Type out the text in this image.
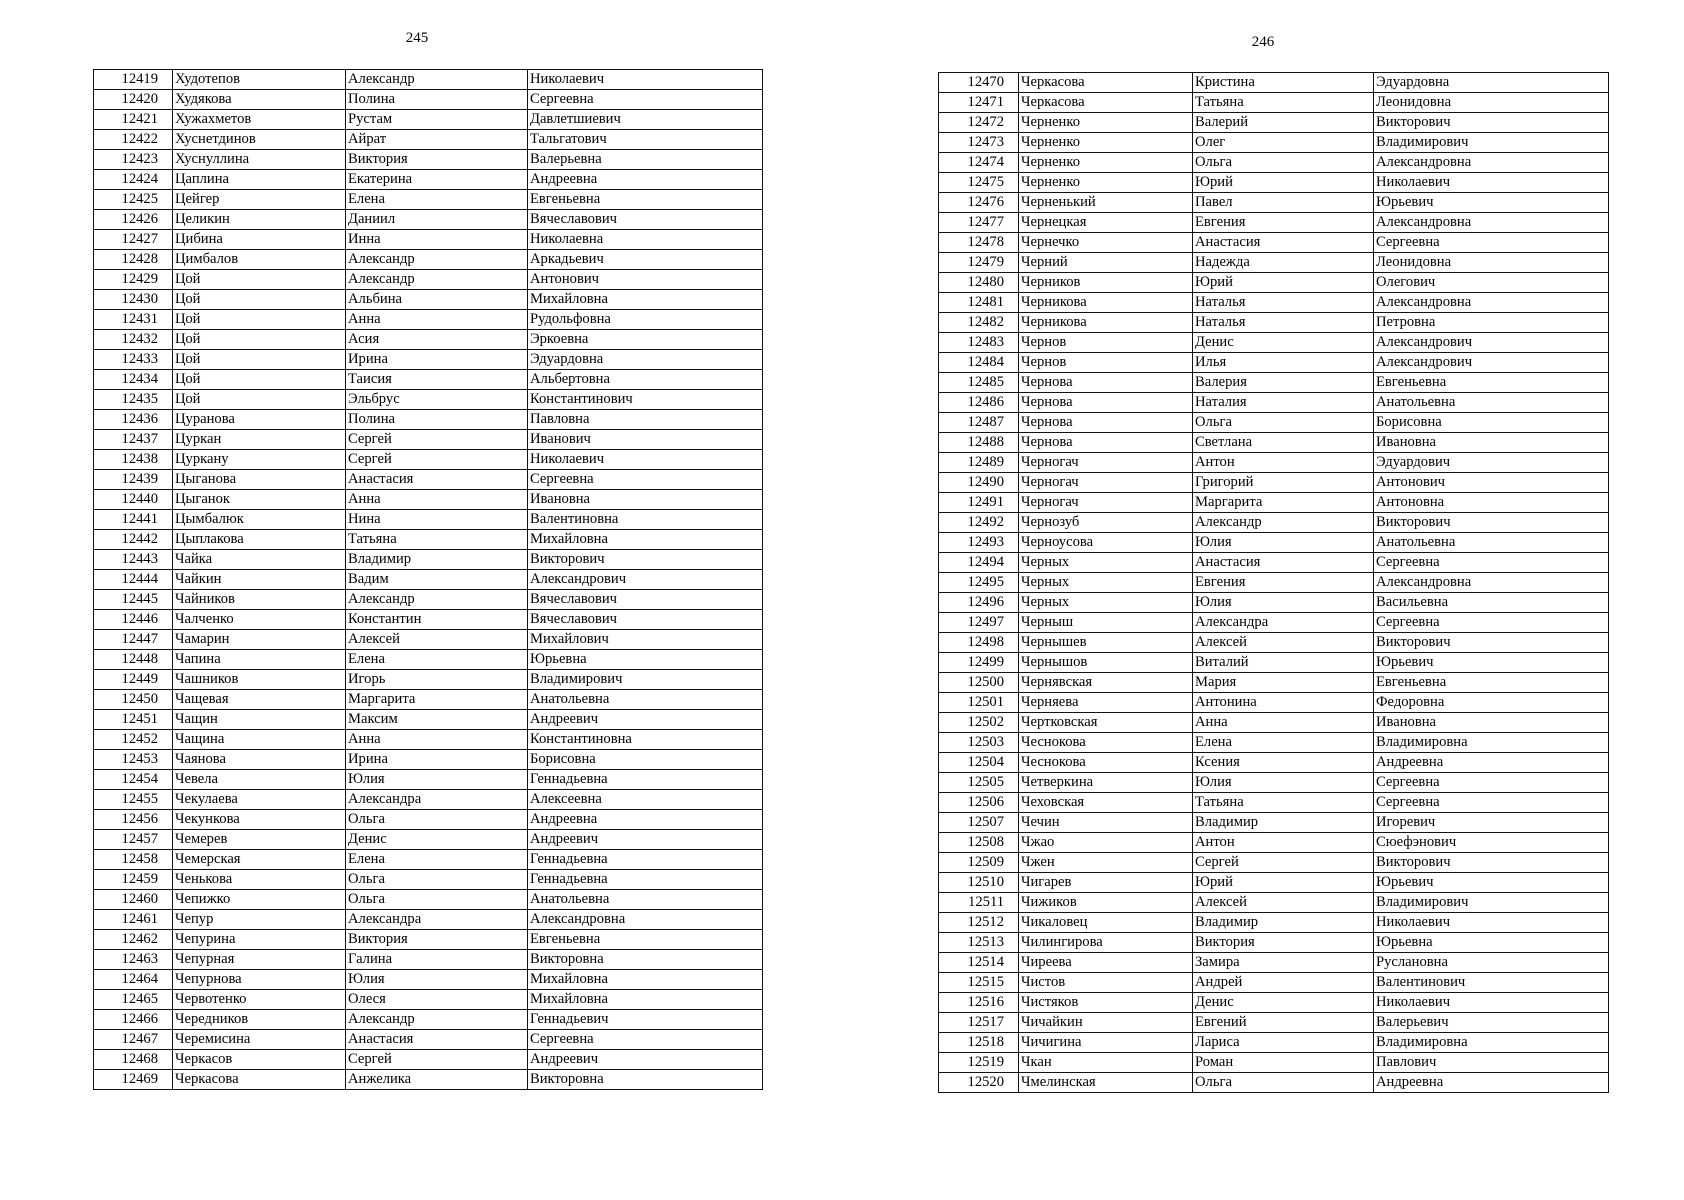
245
12419	Худотепов	Александр	Николаевич
12420	Худякова	Полина	Сергеевна
12421	Хужахметов	Рустам	Давлетшиевич
12422	Хуснетдинов	Айрат	Тальгатович
12423	Хуснуллина	Виктория	Валерьевна
12424	Цаплина	Екатерина	Андреевна
12425	Цейгер	Елена	Евгеньевна
12426	Целикин	Даниил	Вячеславович
12427	Цибина	Инна	Николаевна
12428	Цимбалов	Александр	Аркадьевич
12429	Цой	Александр	Антонович
12430	Цой	Альбина	Михайловна
12431	Цой	Анна	Рудольфовна
12432	Цой	Асия	Эркоевна
12433	Цой	Ирина	Эдуардовна
12434	Цой	Таисия	Альбертовна
12435	Цой	Эльбрус	Константинович
12436	Цуранова	Полина	Павловна
12437	Цуркан	Сергей	Иванович
12438	Цуркану	Сергей	Николаевич
12439	Цыганова	Анастасия	Сергеевна
12440	Цыганок	Анна	Ивановна
12441	Цымбалюк	Нина	Валентиновна
12442	Цыплакова	Татьяна	Михайловна
12443	Чайка	Владимир	Викторович
12444	Чайкин	Вадим	Александрович
12445	Чайников	Александр	Вячеславович
12446	Чалченко	Константин	Вячеславович
12447	Чамарин	Алексей	Михайлович
12448	Чапина	Елена	Юрьевна
12449	Чашников	Игорь	Владимирович
12450	Чащевая	Маргарита	Анатольевна
12451	Чащин	Максим	Андреевич
12452	Чащина	Анна	Константиновна
12453	Чаянова	Ирина	Борисовна
12454	Чевела	Юлия	Геннадьевна
12455	Чекулаева	Александра	Алексеевна
12456	Чекункова	Ольга	Андреевна
12457	Чемерев	Денис	Андреевич
12458	Чемерская	Елена	Геннадьевна
12459	Ченькова	Ольга	Геннадьевна
12460	Чепижко	Ольга	Анатольевна
12461	Чепур	Александра	Александровна
12462	Чепурина	Виктория	Евгеньевна
12463	Чепурная	Галина	Викторовна
12464	Чепурнова	Юлия	Михайловна
12465	Червотенко	Олеся	Михайловна
12466	Чередников	Александр	Геннадьевич
12467	Черемисина	Анастасия	Сергеевна
12468	Черкасов	Сергей	Андреевич
12469	Черкасова	Анжелика	Викторовна
246
12470	Черкасова	Кристина	Эдуардовна
12471	Черкасова	Татьяна	Леонидовна
12472	Черненко	Валерий	Викторович
12473	Черненко	Олег	Владимирович
12474	Черненко	Ольга	Александровна
12475	Черненко	Юрий	Николаевич
12476	Черненький	Павел	Юрьевич
12477	Чернецкая	Евгения	Александровна
12478	Чернечко	Анастасия	Сергеевна
12479	Черний	Надежда	Леонидовна
12480	Черников	Юрий	Олегович
12481	Черникова	Наталья	Александровна
12482	Черникова	Наталья	Петровна
12483	Чернов	Денис	Александрович
12484	Чернов	Илья	Александрович
12485	Чернова	Валерия	Евгеньевна
12486	Чернова	Наталия	Анатольевна
12487	Чернова	Ольга	Борисовна
12488	Чернова	Светлана	Ивановна
12489	Черногач	Антон	Эдуардович
12490	Черногач	Григорий	Антонович
12491	Черногач	Маргарита	Антоновна
12492	Чернозуб	Александр	Викторович
12493	Черноусова	Юлия	Анатольевна
12494	Черных	Анастасия	Сергеевна
12495	Черных	Евгения	Александровна
12496	Черных	Юлия	Васильевна
12497	Черныш	Александра	Сергеевна
12498	Чернышев	Алексей	Викторович
12499	Чернышов	Виталий	Юрьевич
12500	Чернявская	Мария	Евгеньевна
12501	Черняева	Антонина	Федоровна
12502	Чертковская	Анна	Ивановна
12503	Чеснокова	Елена	Владимировна
12504	Чеснокова	Ксения	Андреевна
12505	Четверкина	Юлия	Сергеевна
12506	Чеховская	Татьяна	Сергеевна
12507	Чечин	Владимир	Игоревич
12508	Чжао	Антон	Сюефэнович
12509	Чжен	Сергей	Викторович
12510	Чигарев	Юрий	Юрьевич
12511	Чижиков	Алексей	Владимирович
12512	Чикаловец	Владимир	Николаевич
12513	Чилингирова	Виктория	Юрьевна
12514	Чиреева	Замира	Руслановна
12515	Чистов	Андрей	Валентинович
12516	Чистяков	Денис	Николаевич
12517	Чичайкин	Евгений	Валерьевич
12518	Чичигина	Лариса	Владимировна
12519	Чкан	Роман	Павлович
12520	Чмелинская	Ольга	Андреевна
